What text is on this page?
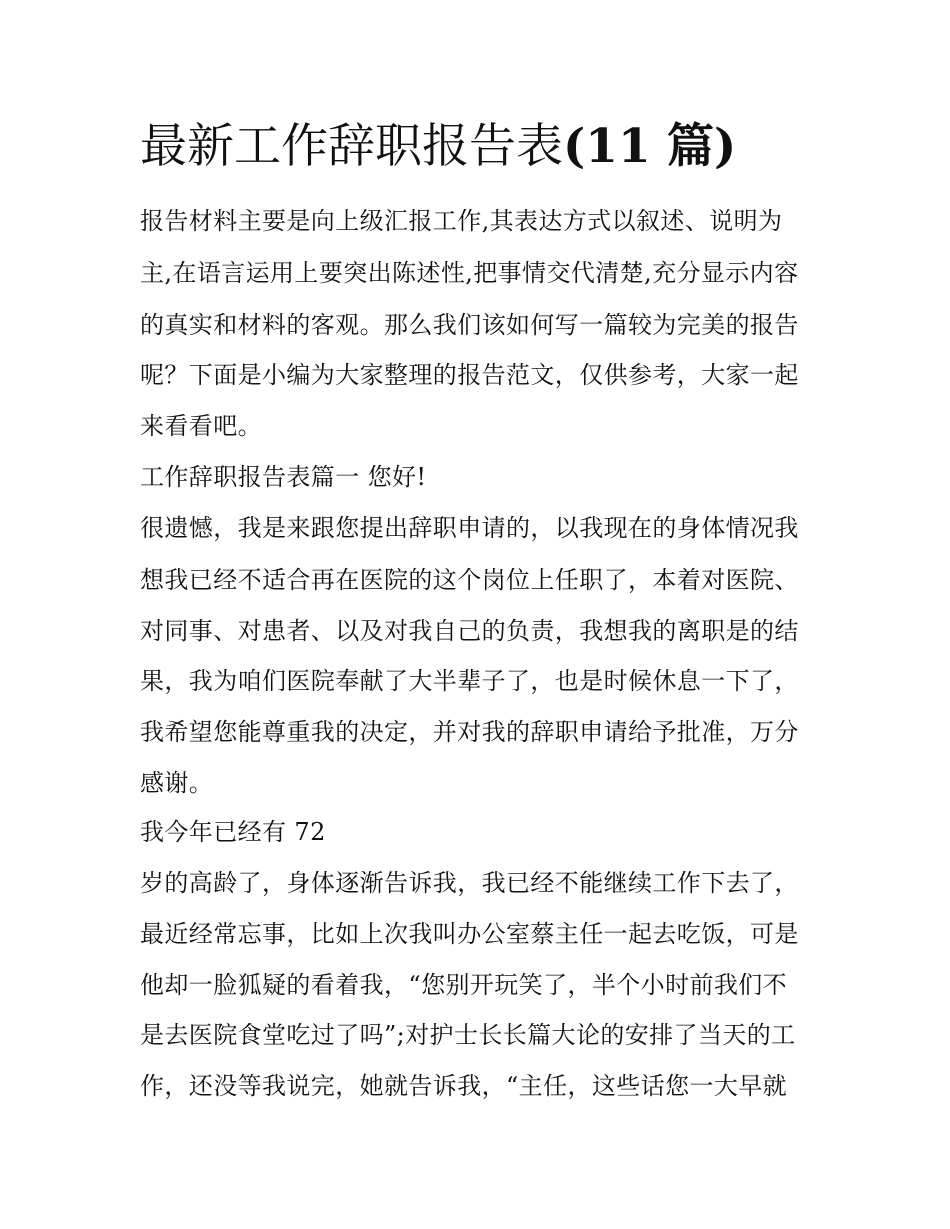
最新工作辞职报告表(11 篇)

报告材料主要是向上级汇报工作,其表达方式以叙述、说明为

主,在语言运用上要突出陈述性,把事情交代清楚,充分显示内容

的真实和材料的客观。那么我们该如何写一篇较为完美的报告

呢？下面是小编为大家整理的报告范文，仅供参考，大家一起

来看看吧。

工作辞职报告表篇一 您好!

很遗憾，我是来跟您提出辞职申请的，以我现在的身体情况我

想我已经不适合再在医院的这个岗位上任职了，本着对医院、

对同事、对患者、以及对我自己的负责，我想我的离职是的结

果，我为咱们医院奉献了大半辈子了，也是时候休息一下了，

我希望您能尊重我的决定，并对我的辞职申请给予批准，万分

感谢。

我今年已经有 72

岁的高龄了，身体逐渐告诉我，我已经不能继续工作下去了，

最近经常忘事，比如上次我叫办公室蔡主任一起去吃饭，可是

他却一脸狐疑的看着我，“您别开玩笑了，半个小时前我们不

是去医院食堂吃过了吗”;对护士长长篇大论的安排了当天的工

作，还没等我说完，她就告诉我，“主任，这些话您一大早就
